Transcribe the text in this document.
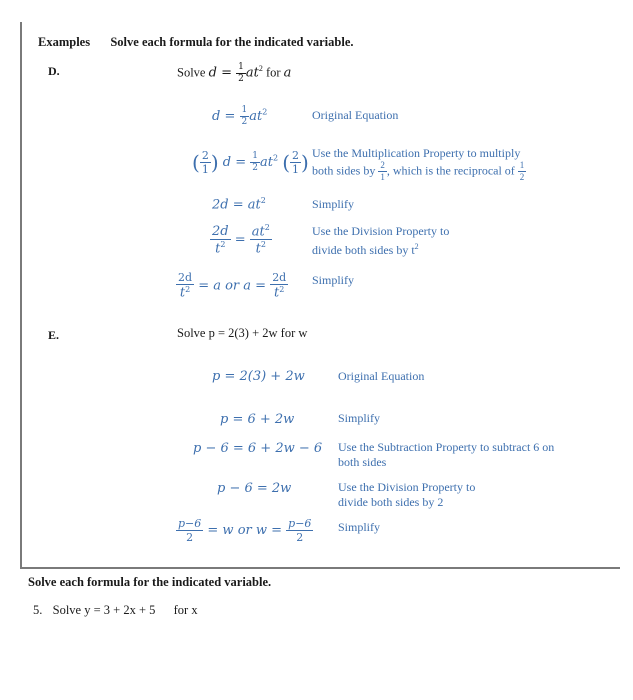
Examples Solve each formula for the indicated variable.
D.	Solve $d = \frac{1}{2} at^2$ for a
$d = \frac{1}{2} at^2$	Original Equation
( $\frac{2}{1}$ ) $d = \frac{1}{2} at^2$ ( $\frac{2}{1}$ ) Use the Multiplication Property to multiply
both sides by $\frac{2}{1}$ , which is the reciprocal of $\frac{1}{2}$
$2d = at^2$	Simplify
$\frac{2d}{t^2} = \frac{at^2}{t^2}$	Use the Division Property to
divide both sides by $t^2$
$\frac{2d}{t^2} = a$ or $a = \frac{2d}{t^2}$ Simplify
E.	Solve p = 2(3) + 2w for w
p = 2(3) + 2w	Original Equation
p = 6 + 2w	Simplify
p − 6 = 6 + 2w − 6 Use the Subtraction Property to subtract 6 on
both sides
p − 6 = 2w	Use the Division Property to
divide both sides by 2
$\frac{p-6}{2} = w$ or $w = \frac{p-6}{2}$ Simplify
Solve each formula for the indicated variable.
5. Solve y = 3 + 2x + 5 for x
